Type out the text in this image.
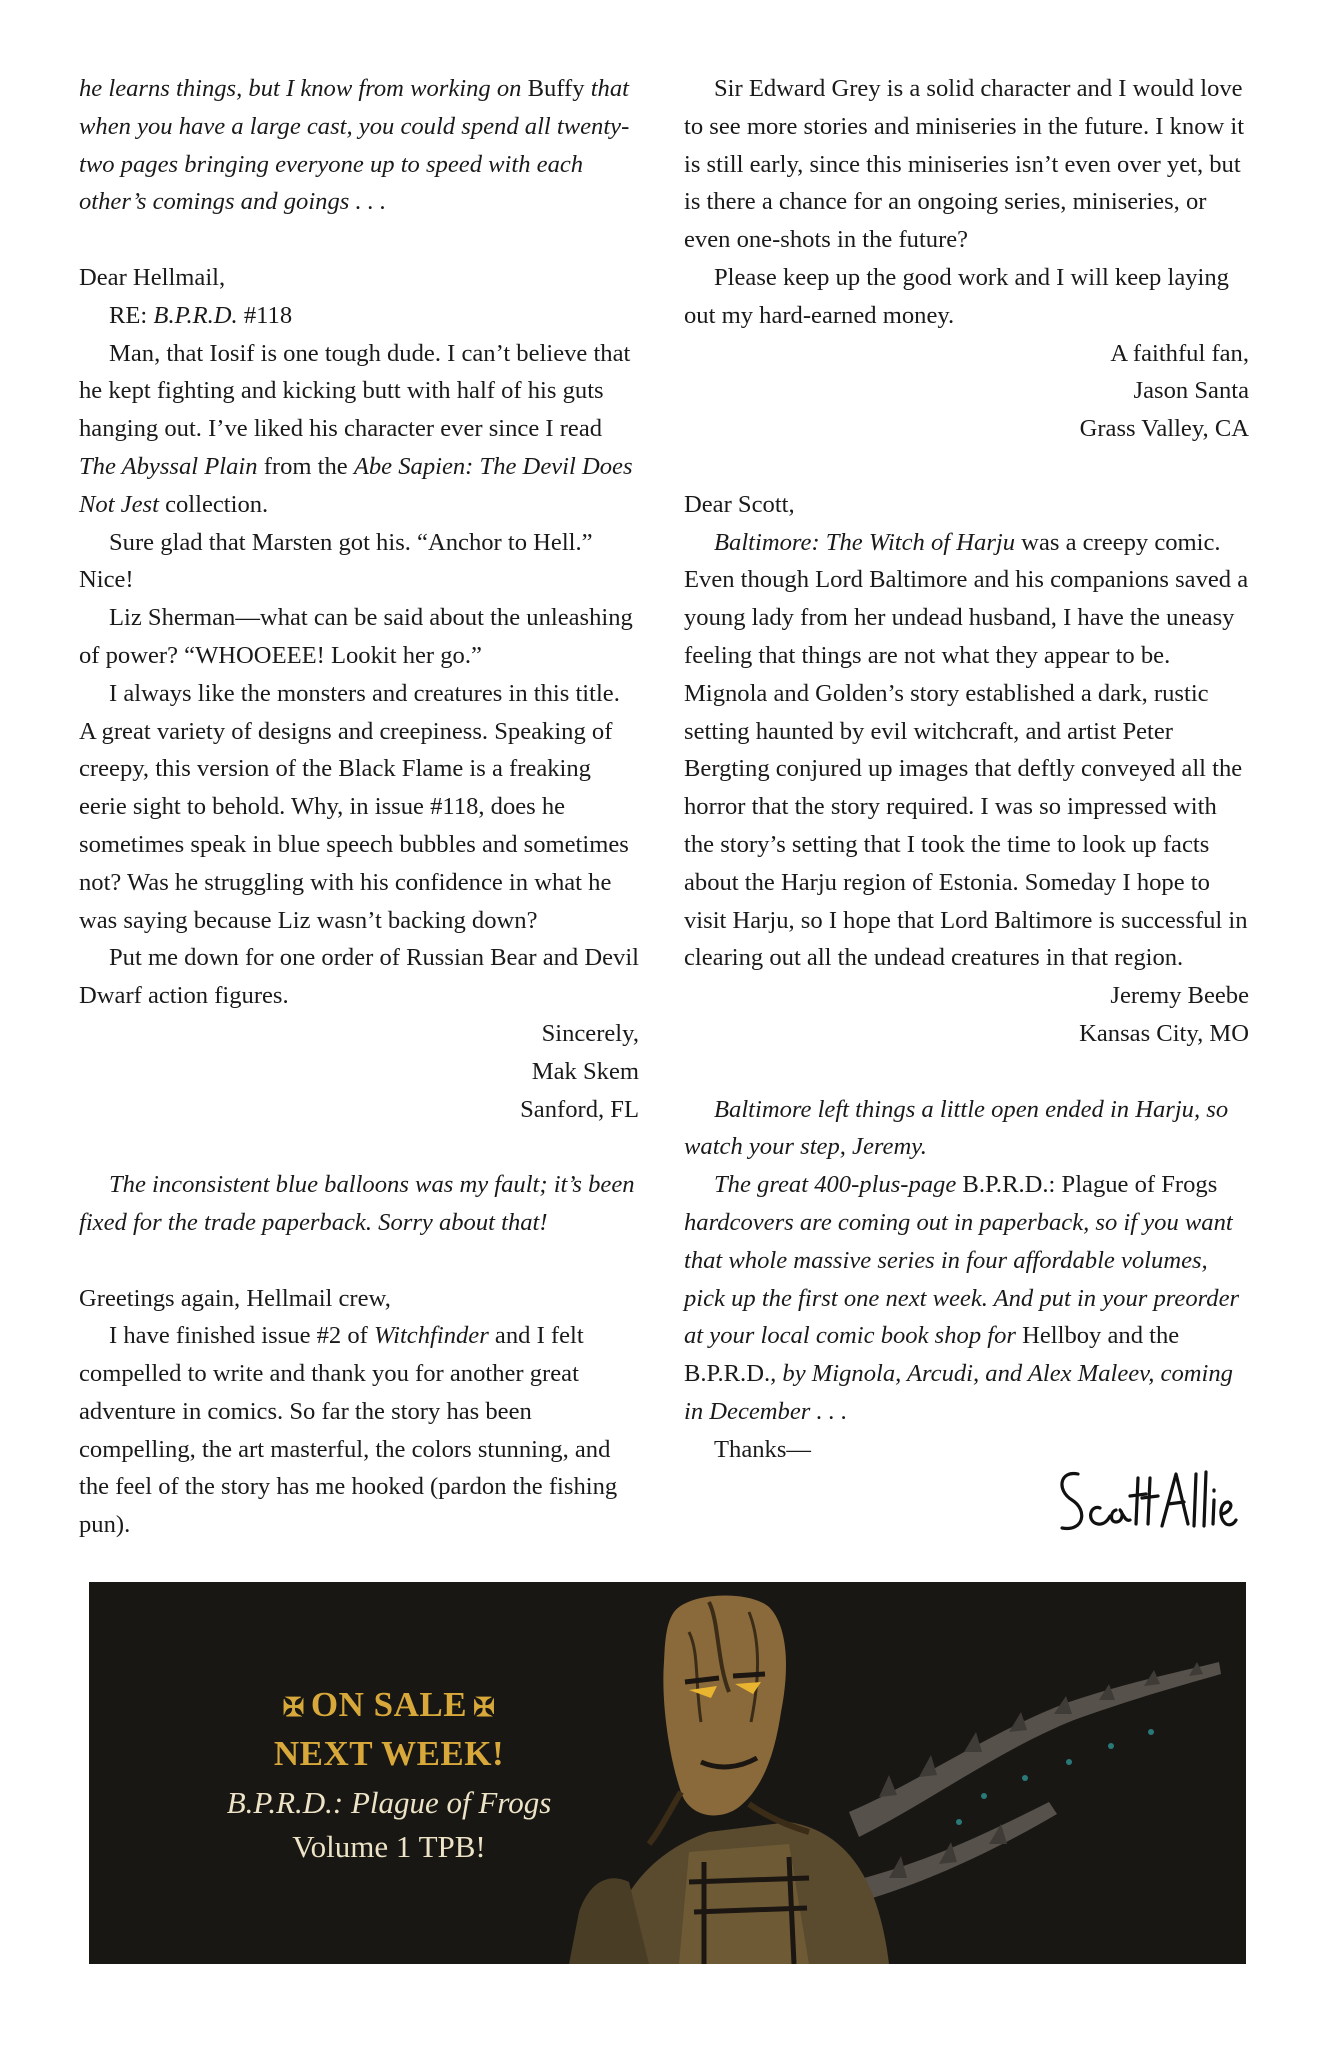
he learns things, but I know from working on Buffy that when you have a large cast, you could spend all twenty-two pages bringing everyone up to speed with each other’s comings and goings . . .

Dear Hellmail,

RE: B.P.R.D. #118

Man, that Iosif is one tough dude. I can’t believe that he kept fighting and kicking butt with half of his guts hanging out. I’ve liked his character ever since I read The Abyssal Plain from the Abe Sapien: The Devil Does Not Jest collection.

Sure glad that Marsten got his. “Anchor to Hell.” Nice!

Liz Sherman—what can be said about the unleashing of power? “WHOOEEE! Lookit her go.”

I always like the monsters and creatures in this title. A great variety of designs and creepiness. Speaking of creepy, this version of the Black Flame is a freaking eerie sight to behold. Why, in issue #118, does he sometimes speak in blue speech bubbles and sometimes not? Was he struggling with his confidence in what he was saying because Liz wasn’t backing down?

Put me down for one order of Russian Bear and Devil Dwarf action figures.

Sincerely,

Mak Skem

Sanford, FL

The inconsistent blue balloons was my fault; it’s been fixed for the trade paperback. Sorry about that!

Greetings again, Hellmail crew,

I have finished issue #2 of Witchfinder and I felt compelled to write and thank you for another great adventure in comics. So far the story has been compelling, the art masterful, the colors stunning, and the feel of the story has me hooked (pardon the fishing pun).

Sir Edward Grey is a solid character and I would love to see more stories and miniseries in the future. I know it is still early, since this miniseries isn’t even over yet, but is there a chance for an ongoing series, miniseries, or even one-shots in the future?

Please keep up the good work and I will keep laying out my hard-earned money.

A faithful fan,

Jason Santa

Grass Valley, CA

Dear Scott,

Baltimore: The Witch of Harju was a creepy comic. Even though Lord Baltimore and his companions saved a young lady from her undead husband, I have the uneasy feeling that things are not what they appear to be. Mignola and Golden’s story established a dark, rustic setting haunted by evil witchcraft, and artist Peter Bergting conjured up images that deftly conveyed all the horror that the story required. I was so impressed with the story’s setting that I took the time to look up facts about the Harju region of Estonia. Someday I hope to visit Harju, so I hope that Lord Baltimore is successful in clearing out all the undead creatures in that region.

Jeremy Beebe

Kansas City, MO

Baltimore left things a little open ended in Harju, so watch your step, Jeremy.

The great 400-plus-page B.P.R.D.: Plague of Frogs hardcovers are coming out in paperback, so if you want that whole massive series in four affordable volumes, pick up the first one next week. And put in your preorder at your local comic book shop for Hellboy and the B.P.R.D., by Mignola, Arcudi, and Alex Maleev, coming in December . . .

Thanks—

✠ ON SALE ✠
NEXT WEEK!
B.P.R.D.: Plague of Frogs
Volume 1 TPB!
